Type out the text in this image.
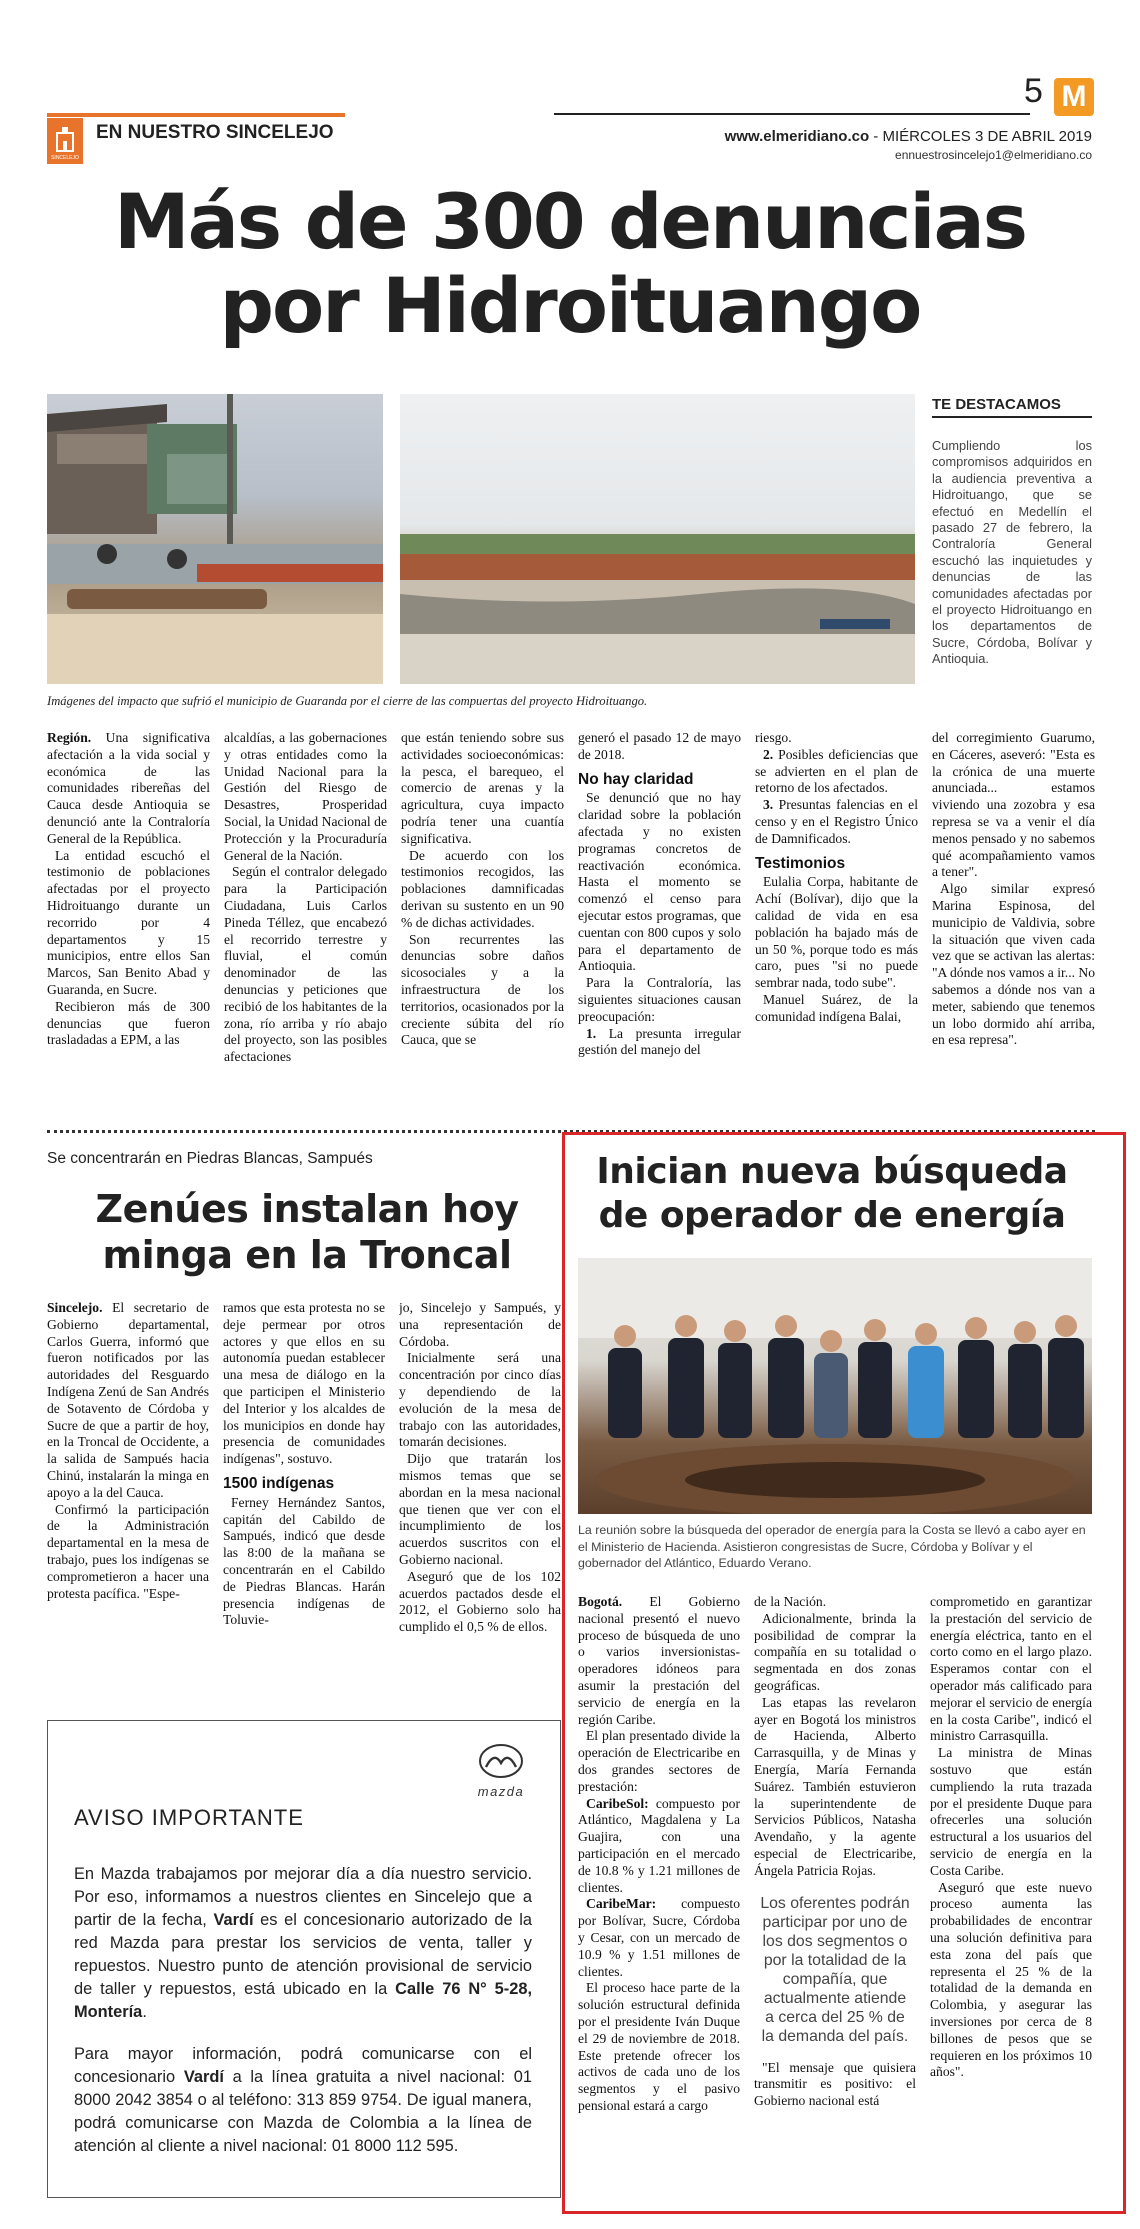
5 M
SINCELEJO
EN NUESTRO SINCELEJO	www.elmeridiano.co - MIÉRCOLES 3 DE ABRIL 2019
ennuestrosincelejo1@elmeridiano.co
Más de 300 denuncias
por Hidroituango
Imágenes del impacto que sufrió el municipio de Guaranda por el cierre de las compuertas del proyecto Hidroituango.
TE DESTACAMOS
Cumpliendo los compromisos adquiridos en la audiencia preventiva a Hidroituango, que se efectuó en Medellín el pasado 27 de febrero, la Contraloría General escuchó las inquietudes y denuncias de las comunidades afectadas por el proyecto Hidroituango en los departamentos de Sucre, Córdoba, Bolívar y Antioquia.

Región. Una significativa afectación a la vida social y económica de las comunidades ribereñas del Cauca desde Antioquia se denunció ante la Contraloría General de la República.

La entidad escuchó el testimonio de poblaciones afectadas por el proyecto Hidroituango durante un recorrido por 4 departamentos y 15 municipios, entre ellos San Marcos, San Benito Abad y Guaranda, en Sucre.

Recibieron más de 300 denuncias que fueron trasladadas a EPM, a las

alcaldías, a las gobernaciones y otras entidades como la Unidad Nacional para la Gestión del Riesgo de Desastres, Prosperidad Social, la Unidad Nacional de Protección y la Procuraduría General de la Nación.

Según el contralor delegado para la Participación Ciudadana, Luis Carlos Pineda Téllez, que encabezó el recorrido terrestre y fluvial, el común denominador de las denuncias y peticiones que recibió de los habitantes de la zona, río arriba y río abajo del proyecto, son las posibles afectaciones

que están teniendo sobre sus actividades socioeconómicas: la pesca, el barequeo, el comercio de arenas y la agricultura, cuya impacto podría tener una cuantía significativa.

De acuerdo con los testimonios recogidos, las poblaciones damnificadas derivan su sustento en un 90 % de dichas actividades.

Son recurrentes las denuncias sobre daños sicosociales y a la infraestructura de los territorios, ocasionados por la creciente súbita del río Cauca, que se

generó el pasado 12 de mayo de 2018.

No hay claridad

Se denunció que no hay claridad sobre la población afectada y no existen programas concretos de reactivación económica. Hasta el momento se comenzó el censo para ejecutar estos programas, que cuentan con 800 cupos y solo para el departamento de Antioquia.

Para la Contraloría, las siguientes situaciones causan preocupación:

1. La presunta irregular gestión del manejo del

riesgo.

2. Posibles deficiencias que se advierten en el plan de retorno de los afectados.

3. Presuntas falencias en el censo y en el Registro Único de Damnificados.

Testimonios

Eulalia Corpa, habitante de Achí (Bolívar), dijo que la calidad de vida en esa población ha bajado más de un 50 %, porque todo es más caro, pues "si no puede sembrar nada, todo sube".

Manuel Suárez, de la comunidad indígena Balai,

del corregimiento Guarumo, en Cáceres, aseveró: "Esta es la crónica de una muerte anunciada... estamos viviendo una zozobra y esa represa se va a venir el día menos pensado y no sabemos qué acompañamiento vamos a tener".

Algo similar expresó Marina Espinosa, del municipio de Valdivia, sobre la situación que viven cada vez que se activan las alertas: "A dónde nos vamos a ir... No sabemos a dónde nos van a meter, sabiendo que tenemos un lobo dormido ahí arriba, en esa represa".

Se concentrarán en Piedras Blancas, Sampués
Zenúes instalan hoy
minga en la Troncal

Sincelejo. El secretario de Gobierno departamental, Carlos Guerra, informó que fueron notificados por las autoridades del Resguardo Indígena Zenú de San Andrés de Sotavento de Córdoba y Sucre de que a partir de hoy, en la Troncal de Occidente, a la salida de Sampués hacia Chinú, instalarán la minga en apoyo a la del Cauca.

Confirmó la participación de la Administración departamental en la mesa de trabajo, pues los indígenas se comprometieron a hacer una protesta pacífica. "Espe-

ramos que esta protesta no se deje permear por otros actores y que ellos en su autonomía puedan establecer una mesa de diálogo en la que participen el Ministerio del Interior y los alcaldes de los municipios en donde hay presencia de comunidades indígenas", sostuvo.

1500 indígenas

Ferney Hernández Santos, capitán del Cabildo de Sampués, indicó que desde las 8:00 de la mañana se concentrarán en el Cabildo de Piedras Blancas. Harán presencia indígenas de Toluvie-

jo, Sincelejo y Sampués, y una representación de Córdoba.

Inicialmente será una concentración por cinco días y dependiendo de la evolución de la mesa de trabajo con las autoridades, tomarán decisiones.

Dijo que tratarán los mismos temas que se abordan en la mesa nacional que tienen que ver con el incumplimiento de los acuerdos suscritos con el Gobierno nacional.

Aseguró que de los 102 acuerdos pactados desde el 2012, el Gobierno solo ha cumplido el 0,5 % de ellos.

mazda
AVISO IMPORTANTE
En Mazda trabajamos por mejorar día a día nuestro servicio. Por eso, informamos a nuestros clientes en Sincelejo que a partir de la fecha, Vardí es el concesionario autorizado de la red Mazda para prestar los servicios de venta, taller y repuestos. Nuestro punto de atención provisional de servicio de taller y repuestos, está ubicado en la Calle 76 N° 5-28, Montería.
Para mayor información, podrá comunicarse con el concesionario Vardí a la línea gratuita a nivel nacional: 01 8000 2042 3854 o al teléfono: 313 859 9754. De igual manera, podrá comunicarse con Mazda de Colombia a la línea de atención al cliente a nivel nacional: 01 8000 112 595.
Inician nueva búsqueda
de operador de energía
La reunión sobre la búsqueda del operador de energía para la Costa se llevó a cabo ayer en el Ministerio de Hacienda. Asistieron congresistas de Sucre, Córdoba y Bolívar y el gobernador del Atlántico, Eduardo Verano.

Bogotá. El Gobierno nacional presentó el nuevo proceso de búsqueda de uno o varios inversionistas-operadores idóneos para asumir la prestación del servicio de energía en la región Caribe.

El plan presentado divide la operación de Electricaribe en dos grandes sectores de prestación:

CaribeSol: compuesto por Atlántico, Magdalena y La Guajira, con una participación en el mercado de 10.8 % y 1.21 millones de clientes.

CaribeMar: compuesto por Bolívar, Sucre, Córdoba y Cesar, con un mercado de 10.9 % y 1.51 millones de clientes.

El proceso hace parte de la solución estructural definida por el presidente Iván Duque el 29 de noviembre de 2018. Este pretende ofrecer los activos de cada uno de los segmentos y el pasivo pensional estará a cargo

de la Nación.

Adicionalmente, brinda la posibilidad de comprar la compañía en su totalidad o segmentada en dos zonas geográficas.

Las etapas las revelaron ayer en Bogotá los ministros de Hacienda, Alberto Carrasquilla, y de Minas y Energía, María Fernanda Suárez. También estuvieron la superintendente de Servicios Públicos, Natasha Avendaño, y la agente especial de Electricaribe, Ángela Patricia Rojas.

Los oferentes podrán participar por uno de los dos segmentos o por la totalidad de la compañía, que actualmente atiende a cerca del 25 % de la demanda del país.

"El mensaje que quisiera transmitir es positivo: el Gobierno nacional está

comprometido en garantizar la prestación del servicio de energía eléctrica, tanto en el corto como en el largo plazo. Esperamos contar con el operador más calificado para mejorar el servicio de energía en la costa Caribe", indicó el ministro Carrasquilla.

La ministra de Minas sostuvo que están cumpliendo la ruta trazada por el presidente Duque para ofrecerles una solución estructural a los usuarios del servicio de energía en la Costa Caribe.

Aseguró que este nuevo proceso aumenta las probabilidades de encontrar una solución definitiva para esta zona del país que representa el 25 % de la totalidad de la demanda en Colombia, y asegurar las inversiones por cerca de 8 billones de pesos que se requieren en los próximos 10 años".
